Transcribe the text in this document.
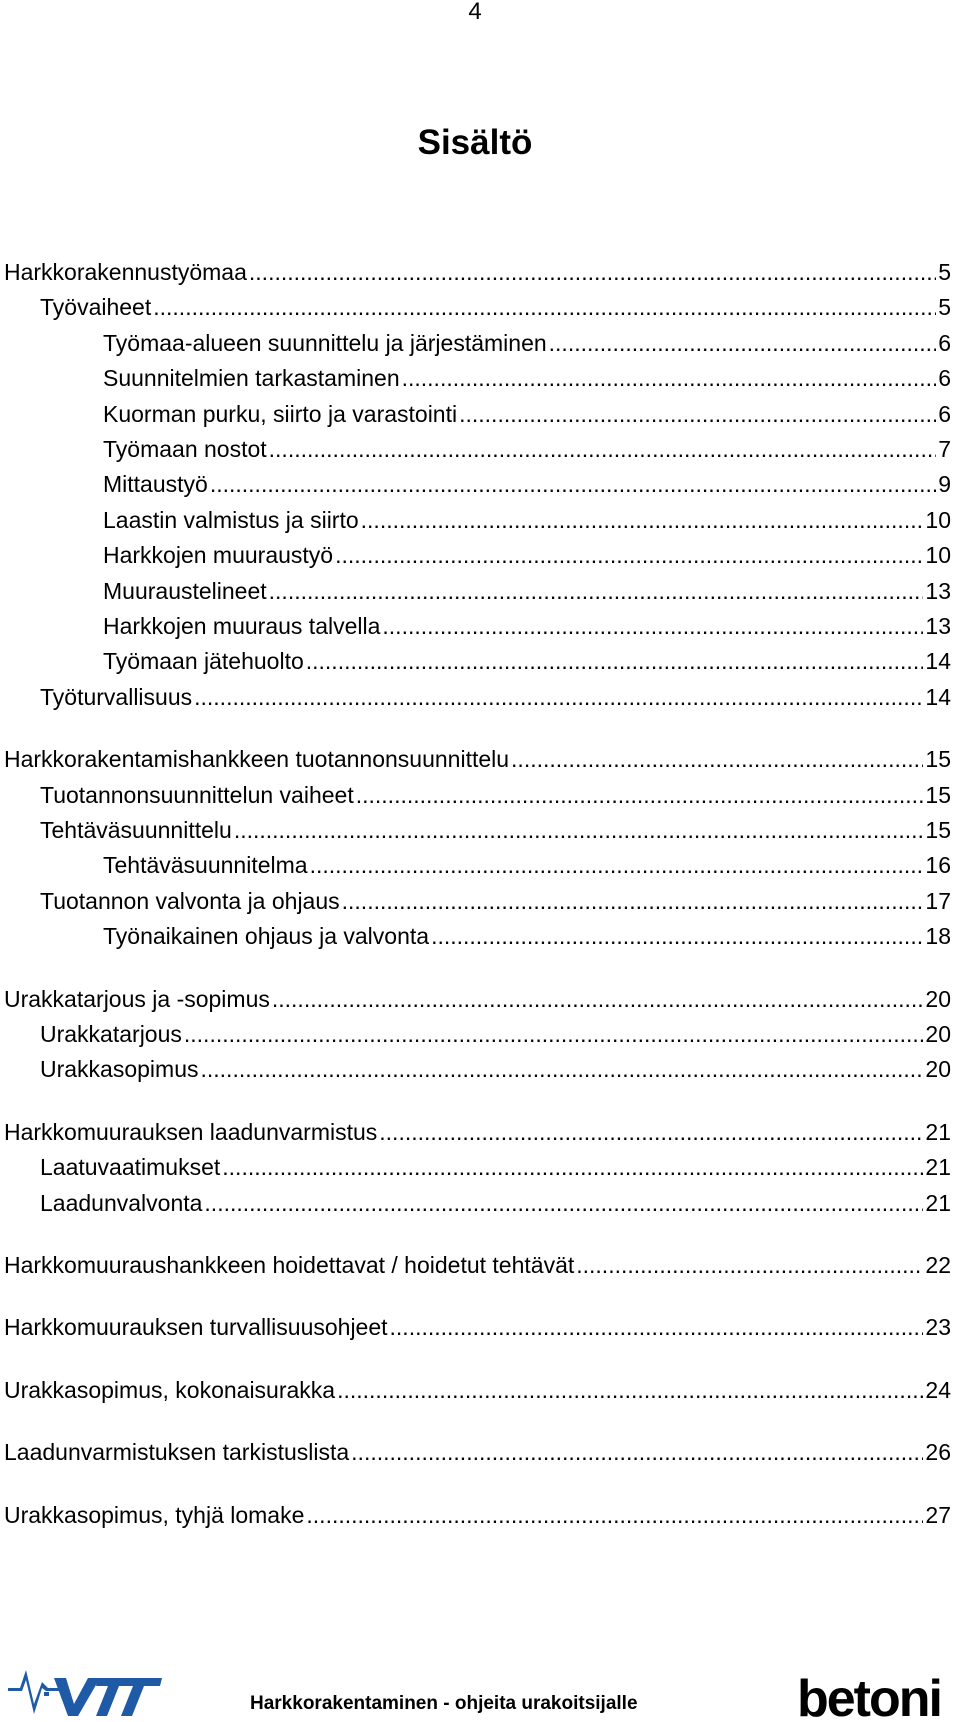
4
Sisältö
Harkkorakennustyömaa .....	5
Työvaiheet .....	5
Työmaa-alueen suunnittelu ja järjestäminen .....	6
Suunnitelmien tarkastaminen .....	6
Kuorman purku, siirto ja varastointi .....	6
Työmaan nostot .....	7
Mittaustyö .....	9
Laastin valmistus ja siirto .....	10
Harkkojen muuraustyö .....	10
Muuraustelineet .....	13
Harkkojen muuraus talvella .....	13
Työmaan jätehuolto .....	14
Työturvallisuus .....	14
Harkkorakentamishankkeen tuotannonsuunnittelu .....	15
Tuotannonsuunnittelun vaiheet .....	15
Tehtäväsuunnittelu .....	15
Tehtäväsuunnitelma .....	16
Tuotannon valvonta ja ohjaus .....	17
Työnaikainen ohjaus ja valvonta .....	18
Urakkatarjous ja -sopimus .....	20
Urakkatarjous .....	20
Urakkasopimus .....	20
Harkkomuurauksen laadunvarmistus .....	21
Laatuvaatimukset .....	21
Laadunvalvonta .....	21
Harkkomuuraushankkeen hoidettavat / hoidetut tehtävät .....	22
Harkkomuurauksen turvallisuusohjeet .....	23
Urakkasopimus, kokonaisurakka .....	24
Laadunvarmistuksen tarkistuslista .....	26
Urakkasopimus, tyhjä lomake .....	27
Harkkorakentaminen - ohjeita urakoitsijalle	betoni
